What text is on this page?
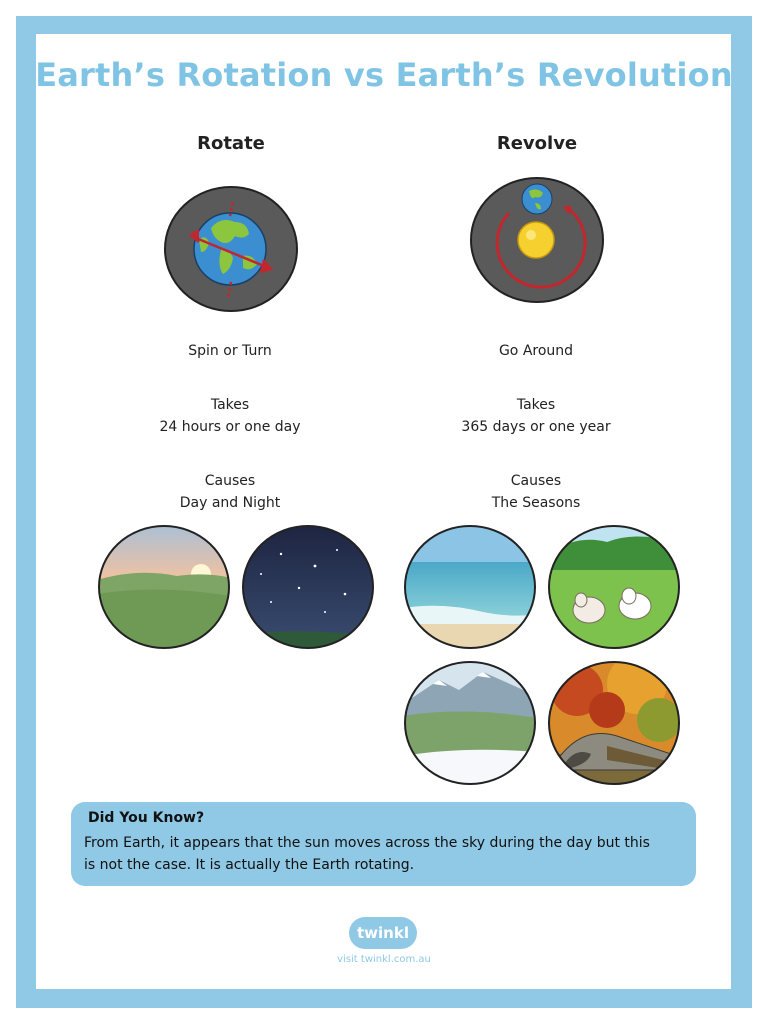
Earth’s Rotation vs Earth’s Revolution
Rotate	Revolve
Spin or Turn
Takes
24 hours or one day
Causes
Day and Night
Go Around
Takes
365 days or one year
Causes
The Seasons
Did You Know?
From Earth, it appears that the sun moves across the sky during the day but this
is not the case. It is actually the Earth rotating.
twinkl
visit twinkl.com.au
